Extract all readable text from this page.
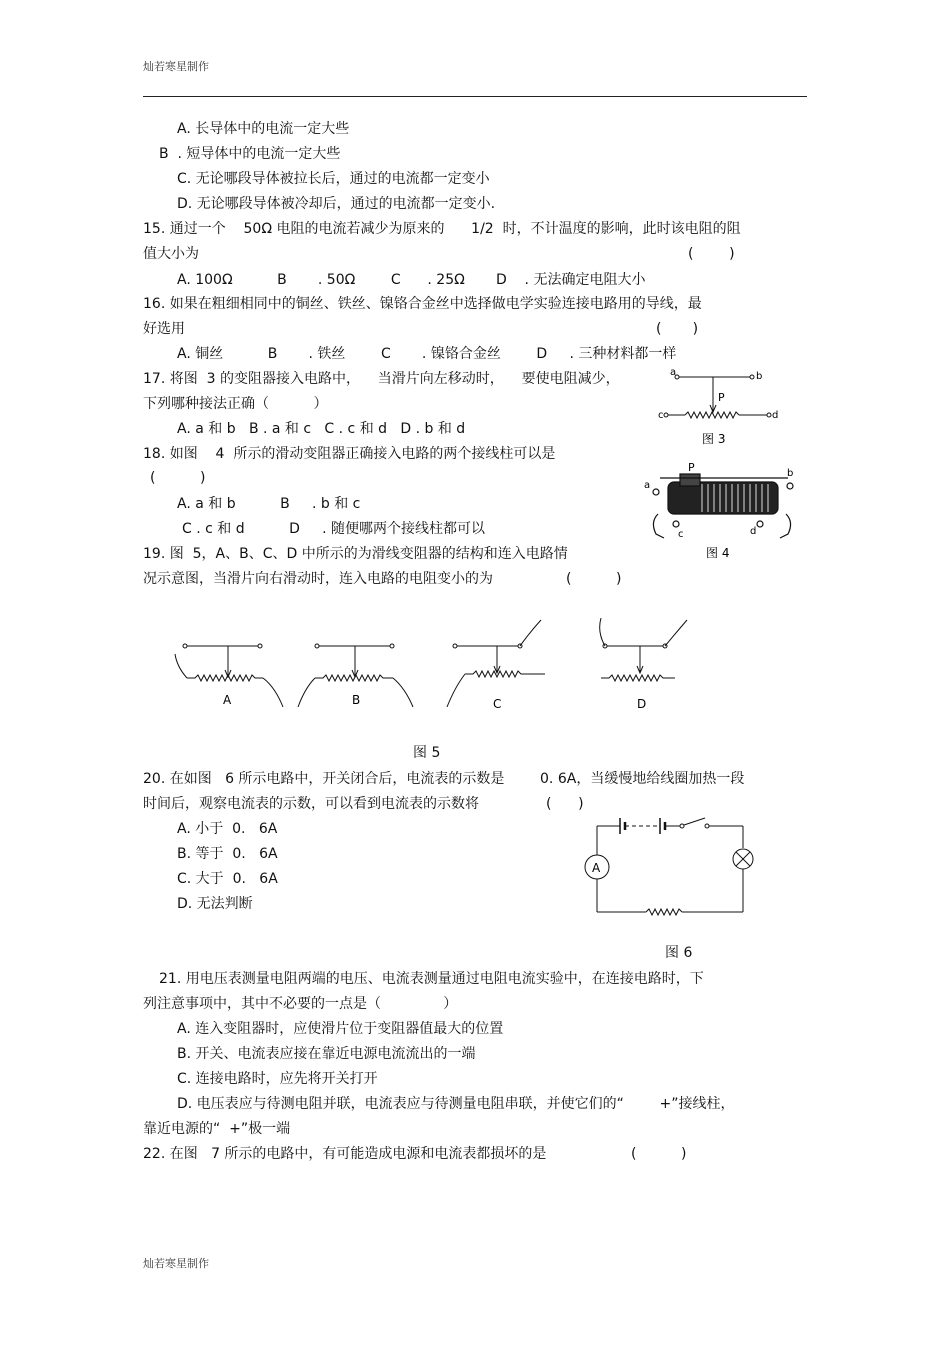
灿若寒星制作
灿若寒星制作
A. 长导体中的电流一定大些
B  . 短导体中的电流一定大些
C. 无论哪段导体被拉长后，通过的电流都一定变小
D. 无论哪段导体被冷却后，通过的电流都一定变小.
15. 通过一个    50Ω 电阻的电流若减少为原来的      1/2  时，不计温度的影响，此时该电阻的阻
值大小为	(        )
A. 100Ω          B       . 50Ω        C      . 25Ω       D    . 无法确定电阻大小
16. 如果在粗细相同中的铜丝、铁丝、镍铬合金丝中选择做电学实验连接电路用的导线，最
好选用	(       )
A. 铜丝          B       . 铁丝        C       . 镍铬合金丝        D     . 三种材料都一样
17. 将图  3 的变阻器接入电路中，    当滑片向左移动时，    要使电阻减少，
下列哪种接法正确（          ）
A. a 和 b   B . a 和 c   C . c 和 d   D . b 和 d
18. 如图    4  所示的滑动变阻器正确接入电路的两个接线柱可以是
(          )
A. a 和 b          B     . b 和 c
C . c 和 d          D     . 随便哪两个接线柱都可以
19. 图  5，A、B、C、D 中所示的为滑线变阻器的结构和连入电路情
况示意图，当滑片向右滑动时，连入电路的电阻变小的为	(          )
图 5
20. 在如图   6 所示电路中，开关闭合后，电流表的示数是        0. 6A，当缓慢地给线圈加热一段
时间后，观察电流表的示数，可以看到电流表的示数将	(      )
A. 小于  0.   6A
B. 等于  0.   6A
C. 大于  0.   6A
D. 无法判断
图 6
21. 用电压表测量电阻两端的电压、电流表测量通过电阻电流实验中，在连接电路时，下
列注意事项中，其中不必要的一点是（              ）
A. 连入变阻器时，应使滑片位于变阻器值最大的位置
B. 开关、电流表应接在靠近电源电流流出的一端
C. 连接电路时，应先将开关打开
D. 电压表应与待测电阻并联，电流表应与待测量电阻串联，并使它们的“        +”接线柱，
靠近电源的“  +”极一端
22. 在图   7 所示的电路中，有可能造成电源和电流表都损坏的是	(          )
a	b
c	d
P
图 3
a
b
c	d
P
图 4
A	B	C	D
A
